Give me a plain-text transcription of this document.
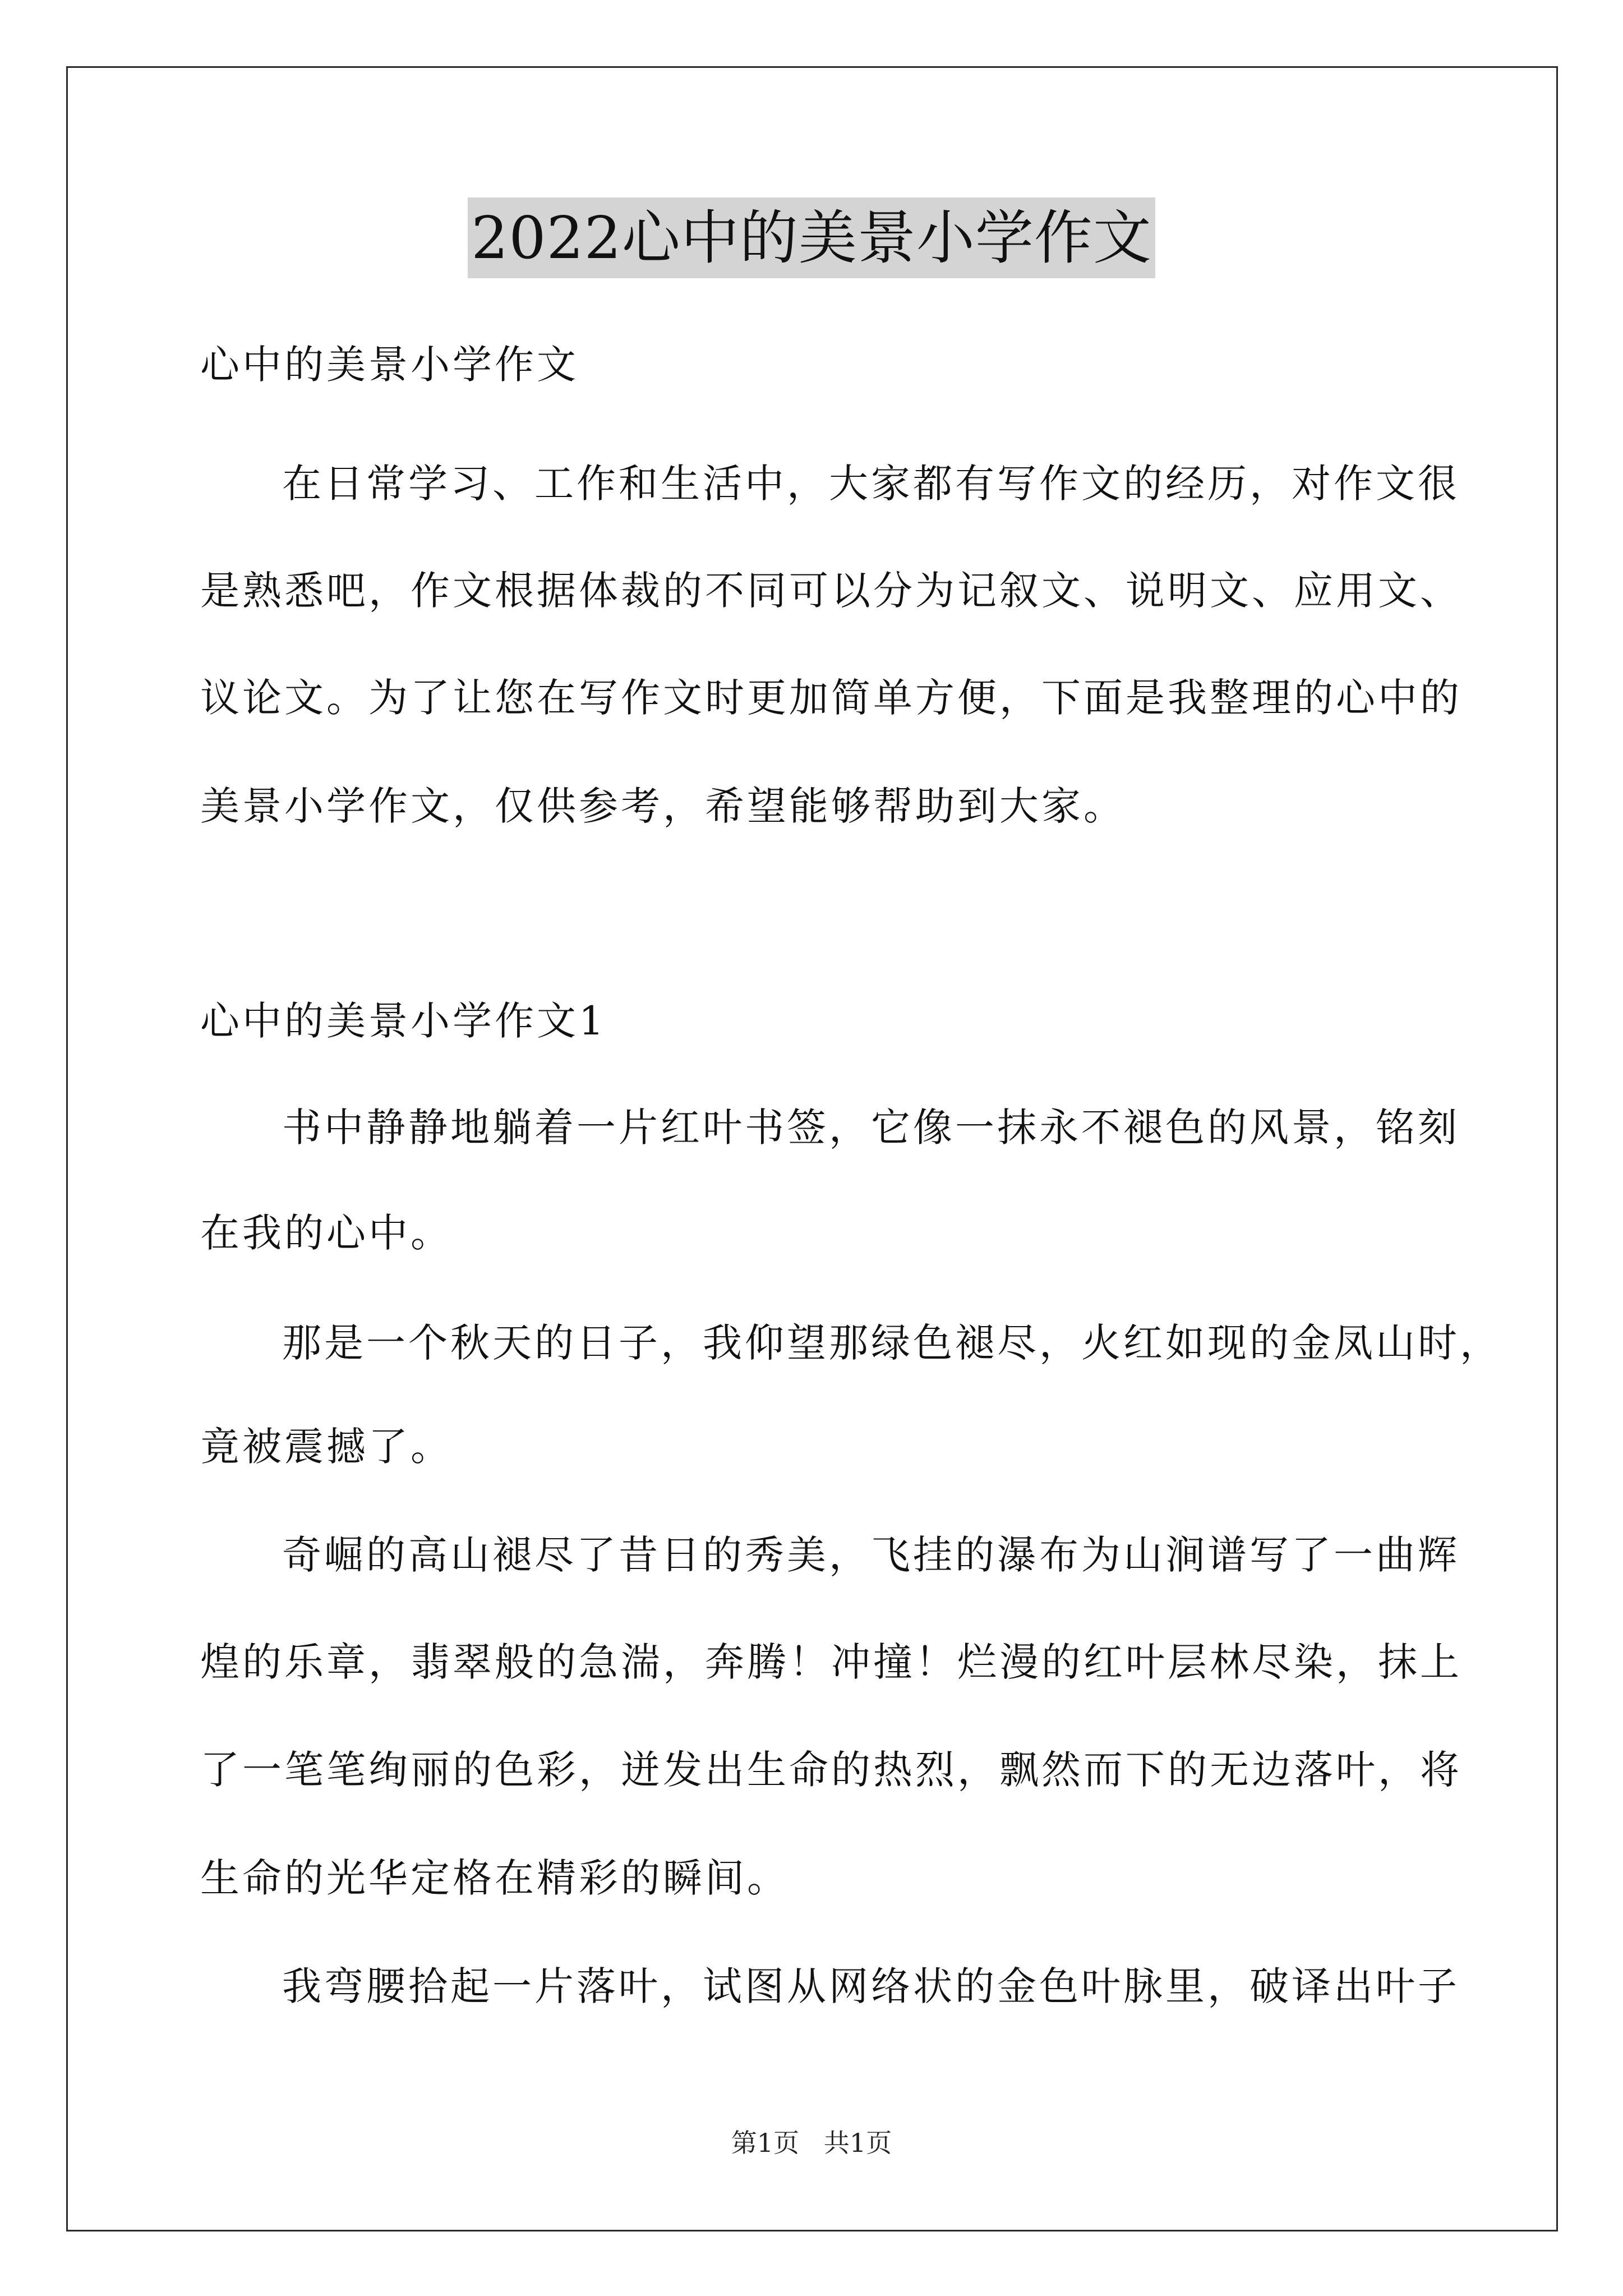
2022心中的美景小学作文
心中的美景小学作文
在日常学习、工作和生活中，大家都有写作文的经历，对作文很
是熟悉吧，作文根据体裁的不同可以分为记叙文、说明文、应用文、
议论文。为了让您在写作文时更加简单方便，下面是我整理的心中的
美景小学作文，仅供参考，希望能够帮助到大家。
心中的美景小学作文1
书中静静地躺着一片红叶书签，它像一抹永不褪色的风景，铭刻
在我的心中。
那是一个秋天的日子，我仰望那绿色褪尽，火红如现的金凤山时，
竟被震撼了。
奇崛的高山褪尽了昔日的秀美，飞挂的瀑布为山涧谱写了一曲辉
煌的乐章，翡翠般的急湍，奔腾！冲撞！烂漫的红叶层林尽染，抹上
了一笔笔绚丽的色彩，迸发出生命的热烈，飘然而下的无边落叶，将
生命的光华定格在精彩的瞬间。
我弯腰拾起一片落叶，试图从网络状的金色叶脉里，破译出叶子
第1页   共1页
